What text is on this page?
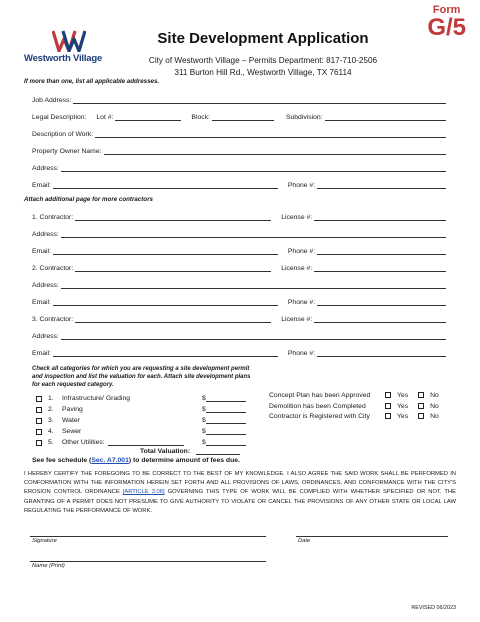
Westworth Village
Site Development Application
City of Westworth Village – Permits Department: 817-710-2506
311 Burton Hill Rd., Westworth Village, TX 76114
Form
G/5
If more than one, list all applicable addresses.
Job Address:
Legal Description: Lot #:	Block:	Subdivision:
Description of Work:
Property Owner Name:
Address:
Email:	Phone #:
Attach additional page for more contractors
1. Contractor:	License #:
Address:
Email:	Phone #:
2. Contractor:	License #:
Address:
Email:	Phone #:
3. Contractor:	License #:
Address:
Email:	Phone #:
Check all categories for which you are requesting a site development permit and inspection and list the valuation for each. Attach site development plans for each requested category.
1.	Infrastructure/ Grading	$
2.	Paving	$
3.	Water	$
4.	Sewer	$
5.	Other Utilities:	$
Total Valuation:
Concept Plan has been Approved	Yes	No
Demolition has been Completed	Yes	No
Contractor is Registered with City	Yes	No
See fee schedule (Sec. A7.001) to determine amount of fees due.
I HEREBY CERTIFY THE FOREGOING TO BE CORRECT TO THE BEST OF MY KNOWLEDGE. I ALSO AGREE THE SAID WORK SHALL BE PERFORMED IN CONFORMATION WITH THE INFORMATION HEREIN SET FORTH AND ALL PROVISIONS OF LAWS, ORDINANCES, AND CONFORMANCE WITH THE CITY'S EROSION CONTROL ORDINANCE [ARTICLE 3.08] GOVERNING THIS TYPE OF WORK WILL BE COMPLIED WITH WHETHER SPECIFIED OR NOT. THE GRANTING OF A PERMIT DOES NOT PRESUME TO GIVE AUTHORITY TO VIOLATE OR CANCEL THE PROVISIONS OF ANY OTHER STATE OR LOCAL LAW REGULATING THE PERFORMANCE OF WORK.
Signature	Date
Name (Print)
REVISED 06/2023
